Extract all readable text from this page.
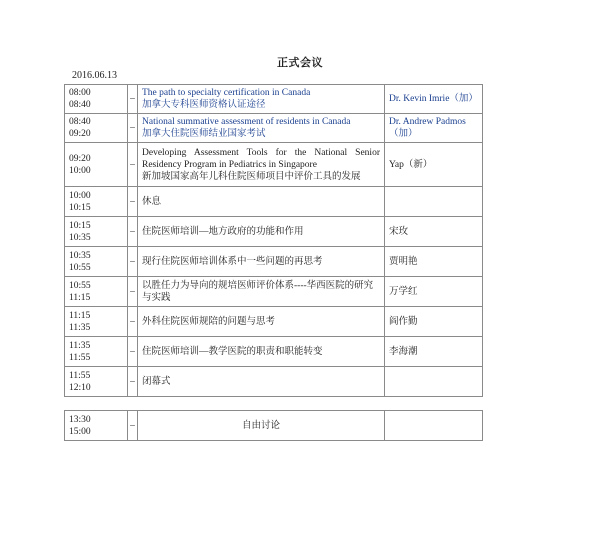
正式会议
2016.06.13
08:00
08:40	–	The path to specialty certification in Canada
加拿大专科医师资格认证途径	Dr. Kevin Imrie（加）

08:40
09:20	–	National summative assessment of residents in Canada
加拿大住院医师结业国家考试	Dr. Andrew Padmos（加）

09:20
10:00	–	Developing Assessment Tools for the National Senior Residency Program in Pediatrics in Singapore
新加坡国家高年儿科住院医师项目中评价工具的发展	Yap（新）

10:00
10:15	–	休息	

10:15
10:35	–	住院医师培训—地方政府的功能和作用	宋玫

10:35
10:55	–	现行住院医师培训体系中一些问题的再思考	贾明艳

10:55
11:15	–	以胜任力为导向的规培医师评价体系----华西医院的研究与实践	万学红

11:15
11:35	–	外科住院医师规陪的问题与思考	阎作勤

11:35
11:55	–	住院医师培训—教学医院的职责和职能转变	李海潮

11:55
12:10	–	闭幕式	
13:30
15:00
	–	自由讨论	
